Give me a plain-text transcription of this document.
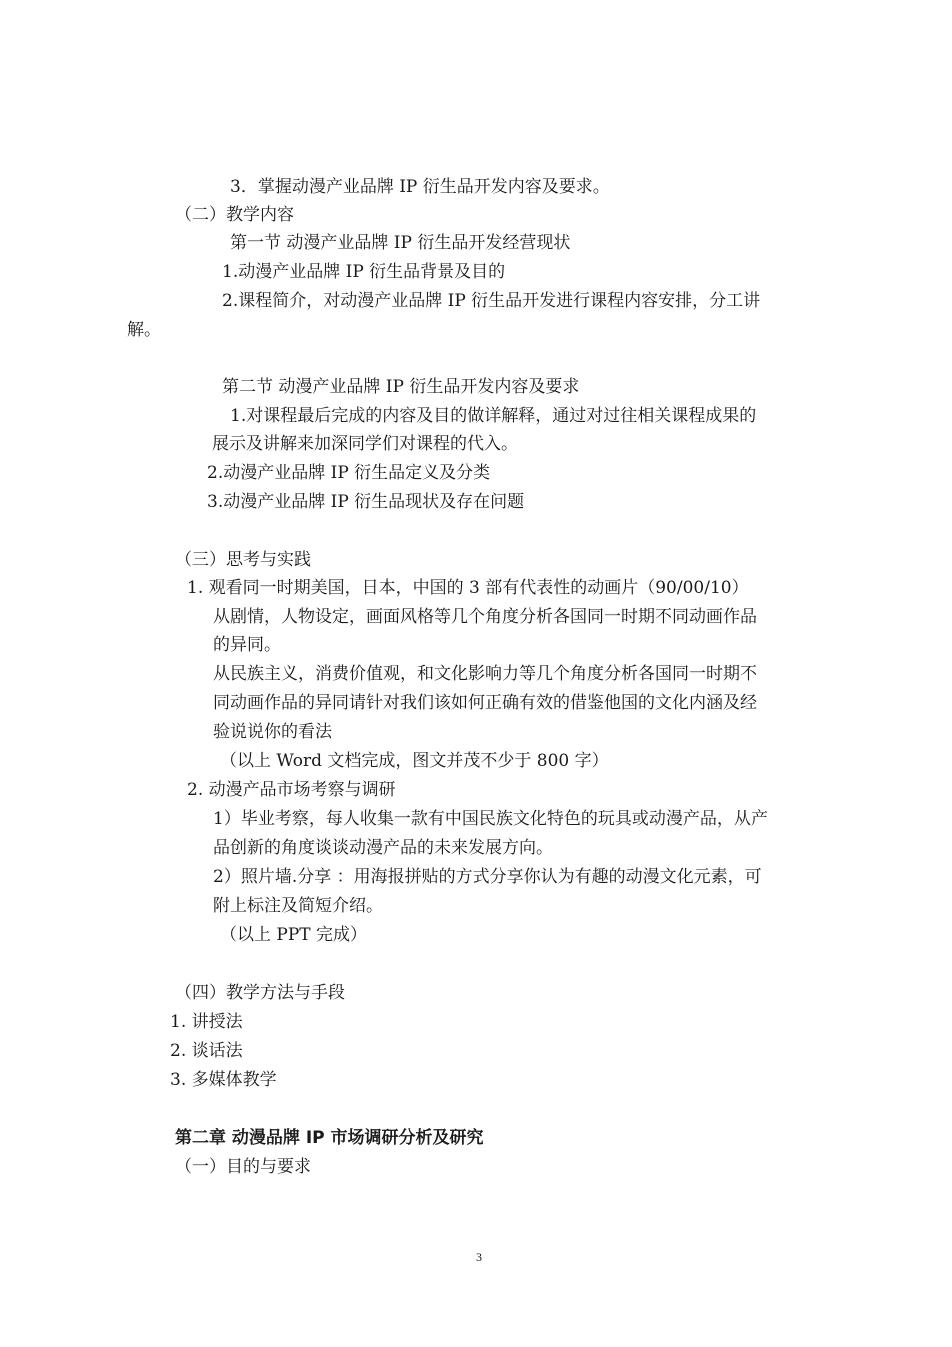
3．掌握动漫产业品牌 IP 衍生品开发内容及要求。
（二）教学内容
第一节 动漫产业品牌 IP 衍生品开发经营现状
1.动漫产业品牌 IP 衍生品背景及目的
2.课程简介，对动漫产业品牌 IP 衍生品开发进行课程内容安排，分工讲
解。
第二节 动漫产业品牌 IP 衍生品开发内容及要求
1.对课程最后完成的内容及目的做详解释，通过对过往相关课程成果的
展示及讲解来加深同学们对课程的代入。
2.动漫产业品牌 IP 衍生品定义及分类
3.动漫产业品牌 IP 衍生品现状及存在问题
（三）思考与实践
1. 观看同一时期美国，日本，中国的 3 部有代表性的动画片（90/00/10）
从剧情，人物设定，画面风格等几个角度分析各国同一时期不同动画作品
的异同。
从民族主义，消费价值观，和文化影响力等几个角度分析各国同一时期不
同动画作品的异同请针对我们该如何正确有效的借鉴他国的文化内涵及经
验说说你的看法
（以上 Word 文档完成，图文并茂不少于 800 字）
2. 动漫产品市场考察与调研
1）毕业考察，每人收集一款有中国民族文化特色的玩具或动漫产品，从产
品创新的角度谈谈动漫产品的未来发展方向。
2）照片墙.分享 ：用海报拼贴的方式分享你认为有趣的动漫文化元素，可
附上标注及简短介绍。
（以上 PPT 完成）
（四）教学方法与手段
1. 讲授法
2. 谈话法
3. 多媒体教学
第二章 动漫品牌 IP 市场调研分析及研究
（一）目的与要求
3
